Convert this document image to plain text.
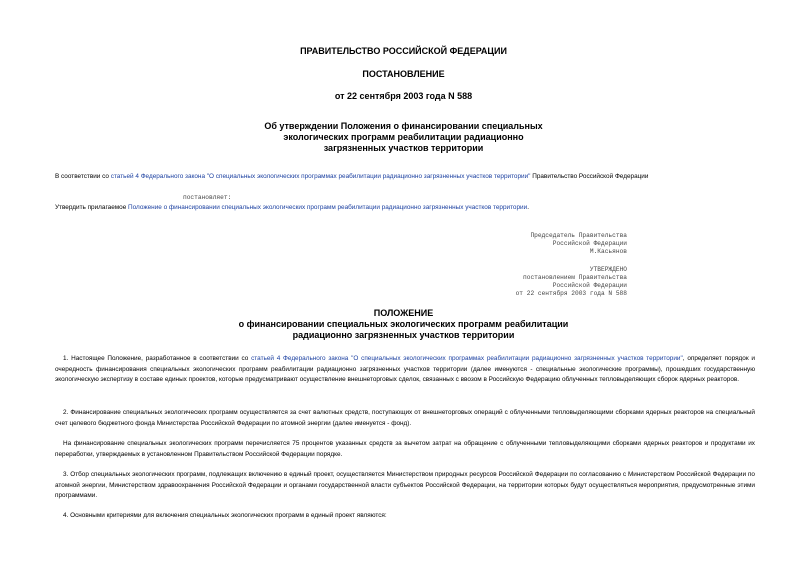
ПРАВИТЕЛЬСТВО РОССИЙСКОЙ ФЕДЕРАЦИИ
ПОСТАНОВЛЕНИЕ
от 22 сентября 2003 года N 588
Об утверждении Положения о финансировании специальных
экологических программ реабилитации радиационно
загрязненных участков территории
В соответствии со статьей 4 Федерального закона "О специальных экологических программах реабилитации радиационно загрязненных участков территории" Правительство Российской Федерации
постановляет:
Утвердить прилагаемое Положение о финансировании специальных экологических программ реабилитации радиационно загрязненных участков территории.
Председатель Правительства
Российской Федерации
М.Касьянов
УТВЕРЖДЕНО
постановлением Правительства
Российской Федерации
от 22 сентября 2003 года N 588
ПОЛОЖЕНИЕ
о финансировании специальных экологических программ реабилитации
радиационно загрязненных участков территории
1. Настоящее Положение, разработанное в соответствии со статьей 4 Федерального закона "О специальных экологических программах реабилитации радиационно загрязненных участков территории", определяет порядок и очередность финансирования специальных экологических программ реабилитации радиационно загрязненных участков территории (далее именуются - специальные экологические программы), прошедших государственную экологическую экспертизу в составе единых проектов, которые предусматривают осуществление внешнеторговых сделок, связанных с ввозом в Российскую Федерацию облученных тепловыделяющих сборок ядерных реакторов.
2. Финансирование специальных экологических программ осуществляется за счет валютных средств, поступающих от внешнеторговых операций с облученными тепловыделяющими сборками ядерных реакторов на специальный счет целевого бюджетного фонда Министерства Российской Федерации по атомной энергии (далее именуется - фонд).
На финансирование специальных экологических программ перечисляется 75 процентов указанных средств за вычетом затрат на обращение с облученными тепловыделяющими сборками ядерных реакторов и продуктами их переработки, утверждаемых в установленном Правительством Российской Федерации порядке.
3. Отбор специальных экологических программ, подлежащих включению в единый проект, осуществляется Министерством природных ресурсов Российской Федерации по согласованию с Министерством Российской Федерации по атомной энергии, Министерством здравоохранения Российской Федерации и органами государственной власти субъектов Российской Федерации, на территории которых будут осуществляться мероприятия, предусмотренные этими программами.
4. Основными критериями для включения специальных экологических программ в единый проект являются:
